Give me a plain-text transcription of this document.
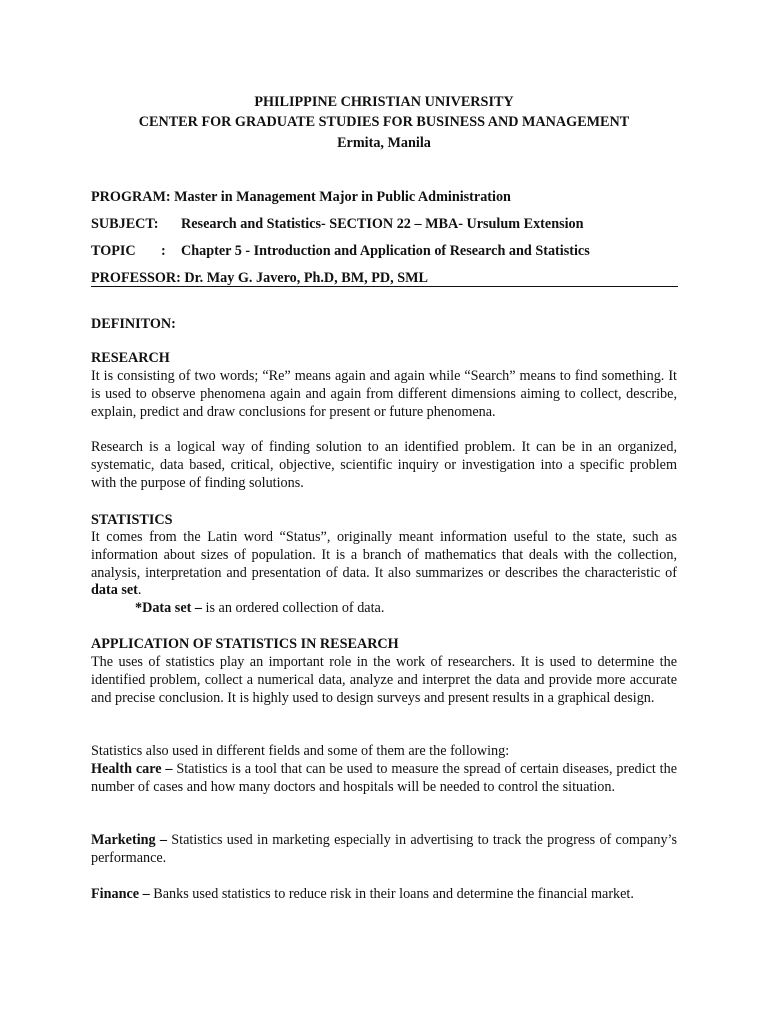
PHILIPPINE CHRISTIAN UNIVERSITY
CENTER FOR GRADUATE STUDIES FOR BUSINESS AND MANAGEMENT
Ermita, Manila
PROGRAM: Master in Management Major in Public Administration
SUBJECT: Research and Statistics- SECTION 22 – MBA- Ursulum Extension
TOPIC : Chapter 5 - Introduction and Application of Research and Statistics
PROFESSOR: Dr. May G. Javero, Ph.D, BM, PD, SML
DEFINITON:
RESEARCH
It is consisting of two words; “Re” means again and again while “Search” means to find something. It is used to observe phenomena again and again from different dimensions aiming to collect, describe, explain, predict and draw conclusions for present or future phenomena.
Research is a logical way of finding solution to an identified problem. It can be in an organized, systematic, data based, critical, objective, scientific inquiry or investigation into a specific problem with the purpose of finding solutions.
STATISTICS
It comes from the Latin word “Status”, originally meant information useful to the state, such as information about sizes of population. It is a branch of mathematics that deals with the collection, analysis, interpretation and presentation of data. It also summarizes or describes the characteristic of data set.
*Data set – is an ordered collection of data.
APPLICATION OF STATISTICS IN RESEARCH
The uses of statistics play an important role in the work of researchers. It is used to determine the identified problem, collect a numerical data, analyze and interpret the data and provide more accurate and precise conclusion. It is highly used to design surveys and present results in a graphical design.
Statistics also used in different fields and some of them are the following:
Health care – Statistics is a tool that can be used to measure the spread of certain diseases, predict the number of cases and how many doctors and hospitals will be needed to control the situation.
Marketing – Statistics used in marketing especially in advertising to track the progress of company’s performance.
Finance – Banks used statistics to reduce risk in their loans and determine the financial market.
